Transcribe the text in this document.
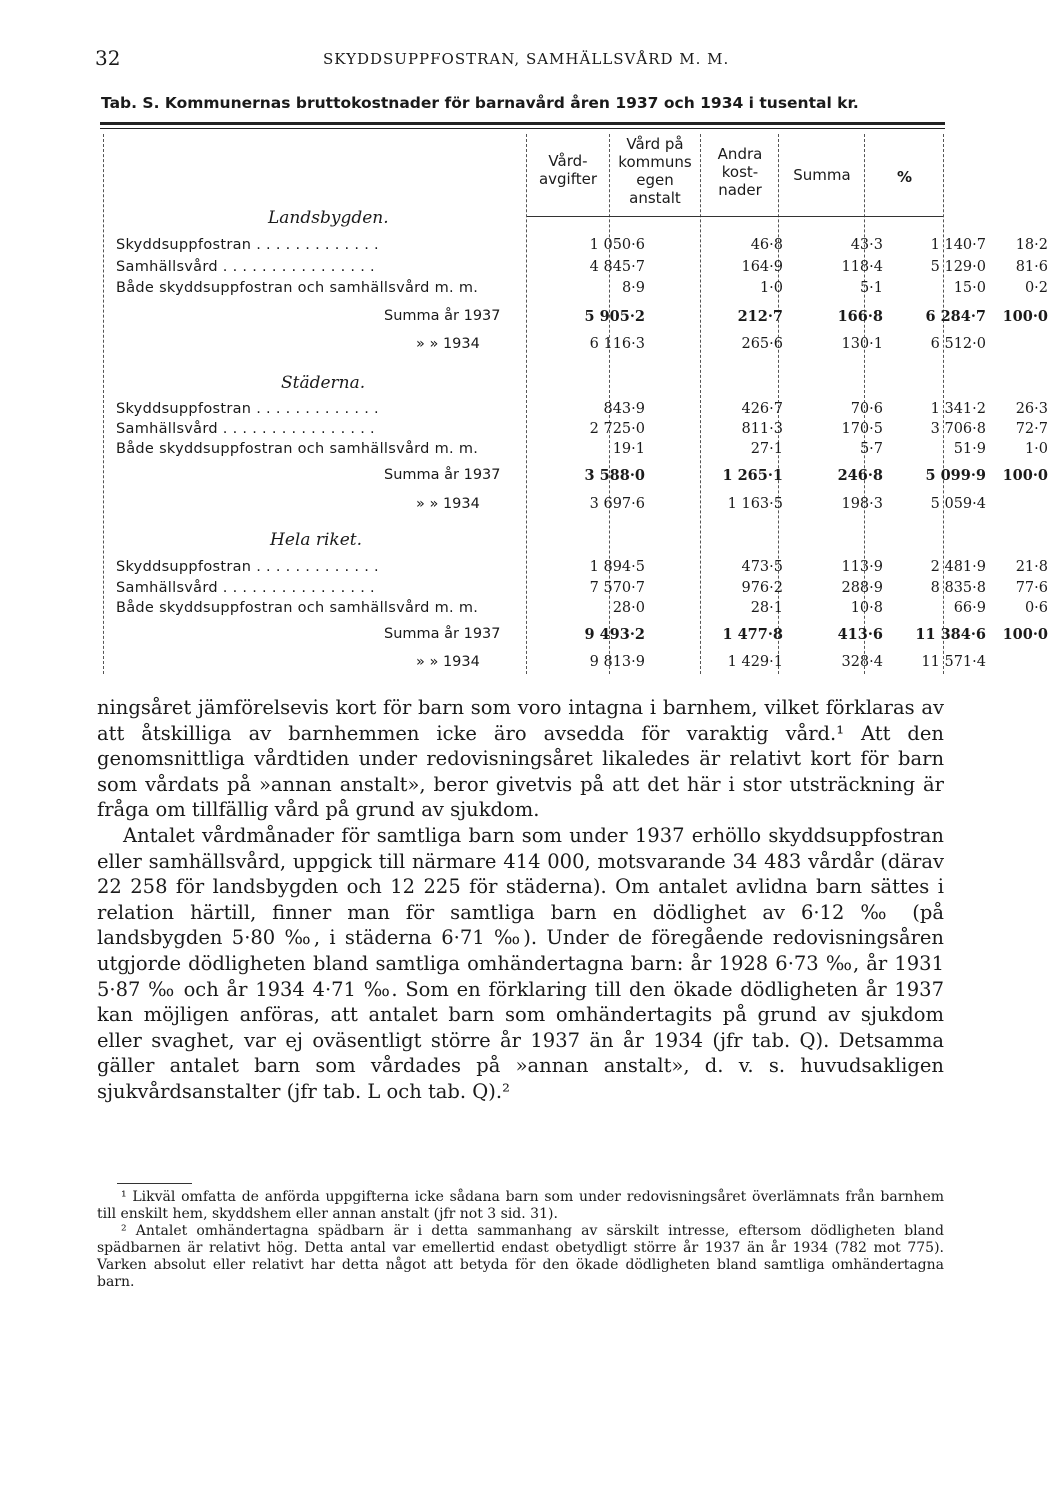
32	SKYDDSUPPFOSTRAN, SAMHÄLLSVÅRD M. M.
Tab. S. Kommunernas bruttokostnader för barnavård åren 1937 och 1934 i tusental kr.
Vård-
avgifter
Vård på
kommuns
egen
anstalt
Andra
kost-
nader
Summa	%
Landsbygden.
Skyddsuppfostran . . . . . . . . . . . . .	1 050·6	46·8	43·3	1 140·7	18·2
Samhällsvård . . . . . . . . . . . . . . . .	4 845·7	164·9	118·4	5 129·0	81·6
Både skyddsuppfostran och samhällsvård m. m.	8·9	1·0	5·1	15·0	0·2
Summa år 1937	5 905·2	212·7	166·8	6 284·7	100·0
» » 1934	6 116·3	265·6	130·1	6 512·0
Städerna.
Skyddsuppfostran . . . . . . . . . . . . .	843·9	426·7	70·6	1 341·2	26·3
Samhällsvård . . . . . . . . . . . . . . . .	2 725·0	811·3	170·5	3 706·8	72·7
Både skyddsuppfostran och samhällsvård m. m.	19·1	27·1	5·7	51·9	1·0
Summa år 1937	3 588·0	1 265·1	246·8	5 099·9	100·0
» » 1934	3 697·6	1 163·5	198·3	5 059·4
Hela riket.
Skyddsuppfostran . . . . . . . . . . . . .	1 894·5	473·5	113·9	2 481·9	21·8
Samhällsvård . . . . . . . . . . . . . . . .	7 570·7	976·2	288·9	8 835·8	77·6
Både skyddsuppfostran och samhällsvård m. m.	28·0	28·1	10·8	66·9	0·6
Summa år 1937	9 493·2	1 477·8	413·6	11 384·6	100·0
» » 1934	9 813·9	1 429·1	328·4	11 571·4

ningsåret jämförelsevis kort för barn som voro intagna i barnhem, vilket förklaras av att åtskilliga av barnhemmen icke äro avsedda för varaktig vård.¹ Att den genomsnittliga vårdtiden under redovisningsåret likaledes är relativt kort för barn som vårdats på »annan anstalt», beror givetvis på att det här i stor utsträckning är fråga om tillfällig vård på grund av sjukdom.

Antalet vårdmånader för samtliga barn som under 1937 erhöllo skyddsuppfostran eller samhällsvård, uppgick till närmare 414 000, motsvarande 34 483 vårdår (därav 22 258 för landsbygden och 12 225 för städerna). Om antalet avlidna barn sättes i relation härtill, finner man för samtliga barn en dödlighet av 6·12 ‰ (på landsbygden 5·80 ‰, i städerna 6·71 ‰). Under de föregående redovisningsåren utgjorde dödligheten bland samtliga omhändertagna barn: år 1928 6·73 ‰, år 1931 5·87 ‰ och år 1934 4·71 ‰. Som en förklaring till den ökade dödligheten år 1937 kan möjligen anföras, att antalet barn som omhändertagits på grund av sjukdom eller svaghet, var ej oväsentligt större år 1937 än år 1934 (jfr tab. Q). Detsamma gäller antalet barn som vårdades på »annan anstalt», d. v. s. huvudsakligen sjukvårdsanstalter (jfr tab. L och tab. Q).²

¹ Likväl omfatta de anförda uppgifterna icke sådana barn som under redovisningsåret överlämnats från barnhem till enskilt hem, skyddshem eller annan anstalt (jfr not 3 sid. 31).

² Antalet omhändertagna spädbarn är i detta sammanhang av särskilt intresse, eftersom dödligheten bland spädbarnen är relativt hög. Detta antal var emellertid endast obetydligt större år 1937 än år 1934 (782 mot 775). Varken absolut eller relativt har detta något att betyda för den ökade dödligheten bland samtliga omhändertagna barn.
